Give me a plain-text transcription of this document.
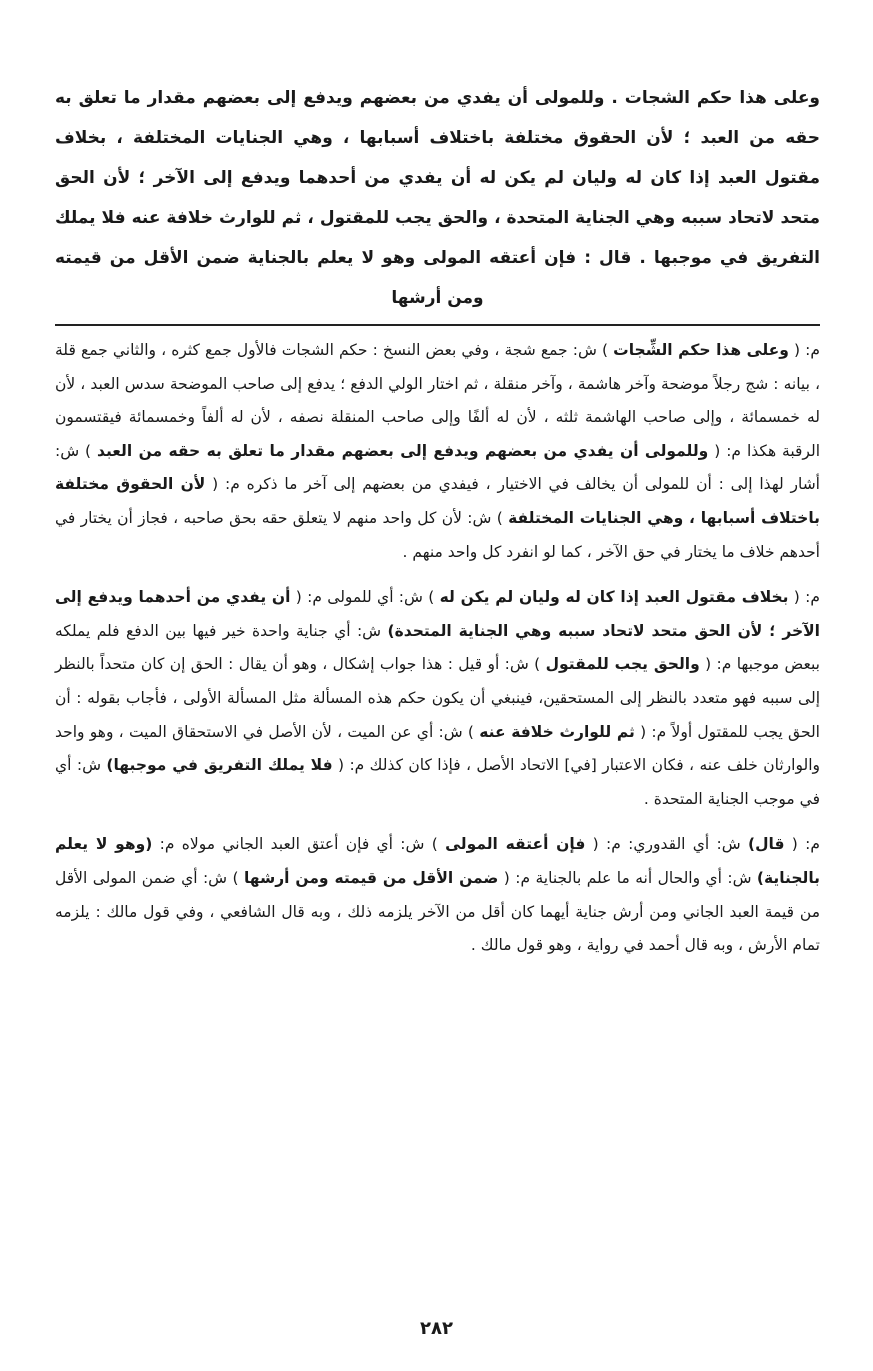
وعلى هذا حكم الشجات . وللمولى أن يفدي من بعضهم ويدفع إلى بعضهم مقدار ما تعلق به حقه من العبد ؛ لأن الحقوق مختلفة باختلاف أسبابها ، وهي الجنايات المختلفة ، بخلاف مقتول العبد إذا كان له وليان لم يكن له أن يفدي من أحدهما ويدفع إلى الآخر ؛ لأن الحق متحد لاتحاد سببه وهي الجناية المتحدة ، والحق يجب للمقتول ، ثم للوارث خلافة عنه فلا يملك التفريق في موجبها . قال : فإن أعتقه المولى وهو لا يعلم بالجناية ضمن الأقل من قيمته ومن أرشها

م: ( وعلى هذا حكم الشِّجات ) ش: جمع شجة ، وفي بعض النسخ : حكم الشجات فالأول جمع كثره ، والثاني جمع قلة ، بيانه : شج رجلاً موضحة وآخر هاشمة ، وآخر منقلة ، ثم اختار الولي الدفع ؛ يدفع إلى صاحب الموضحة سدس العبد ، لأن له خمسمائة ، وإلى صاحب الهاشمة ثلثه ، لأن له ألفًا وإلى صاحب المنقلة نصفه ، لأن له ألفاً وخمسمائة فيقتسمون الرقبة هكذا م: ( وللمولى أن يفدي من بعضهم ويدفع إلى بعضهم مقدار ما تعلق به حقه من العبد ) ش: أشار لهذا إلى : أن للمولى أن يخالف في الاختيار ، فيفدي من بعضهم إلى آخر ما ذكره م: ( لأن الحقوق مختلفة باختلاف أسبابها ، وهي الجنايات المختلفة ) ش: لأن كل واحد منهم لا يتعلق حقه بحق صاحبه ، فجاز أن يختار في أحدهم خلاف ما يختار في حق الآخر ، كما لو انفرد كل واحد منهم .

م: ( بخلاف مقتول العبد إذا كان له وليان لم يكن له ) ش: أي للمولى م: ( أن يفدي من أحدهما ويدفع إلى الآخر ؛ لأن الحق متحد لاتحاد سببه وهي الجناية المتحدة) ش: أي جناية واحدة خير فيها بين الدفع فلم يملكه ببعض موجبها م: ( والحق يجب للمقتول ) ش: أو قيل : هذا جواب إشكال ، وهو أن يقال : الحق إن كان متحداً بالنظر إلى سببه فهو متعدد بالنظر إلى المستحقين، فينبغي أن يكون حكم هذه المسألة مثل المسألة الأولى ، فأجاب بقوله : أن الحق يجب للمقتول أولاً م: ( ثم للوارث خلافة عنه ) ش: أي عن الميت ، لأن الأصل في الاستحقاق الميت ، وهو واحد والوارثان خلف عنه ، فكان الاعتبار [في] الاتحاد الأصل ، فإذا كان كذلك م: ( فلا يملك التفريق في موجبها) ش: أي في موجب الجناية المتحدة .

م: ( قال) ش: أي القدوري: م: ( فإن أعتقه المولى ) ش: أي فإن أعتق العبد الجاني مولاه م: (وهو لا يعلم بالجناية) ش: أي والحال أنه ما علم بالجناية م: ( ضمن الأقل من قيمته ومن أرشها ) ش: أي ضمن المولى الأقل من قيمة العبد الجاني ومن أرش جناية أيهما كان أقل من الآخر يلزمه ذلك ، وبه قال الشافعي ، وفي قول مالك : يلزمه تمام الأرش ، وبه قال أحمد في رواية ، وهو قول مالك .

٢٨٢
